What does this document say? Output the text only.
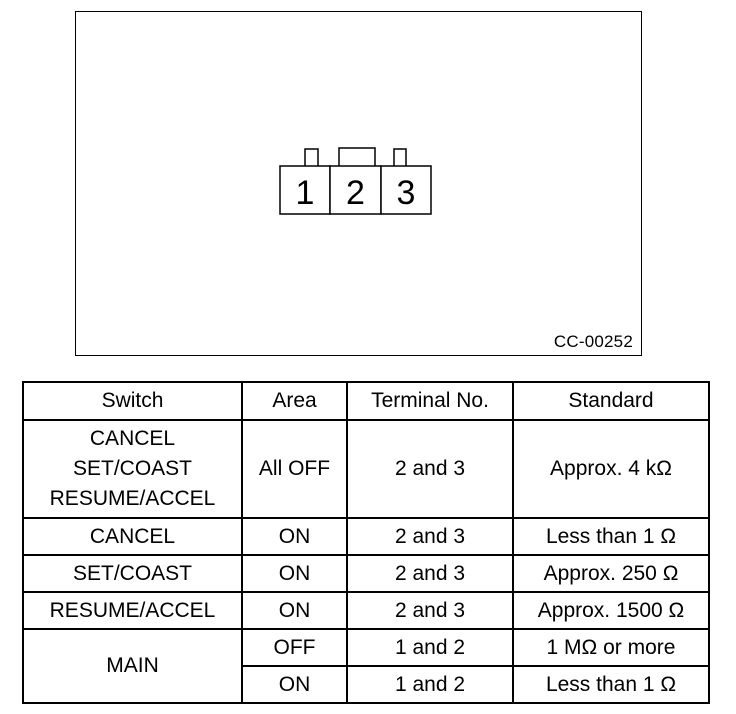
1 2 3
CC-00252
Switch	Area	Terminal No.	Standard

CANCEL
SET/COAST
RESUME/ACCEL	All OFF	2 and 3	Approx. 4 kΩ
CANCEL	ON	2 and 3	Less than 1 Ω
SET/COAST	ON	2 and 3	Approx. 250 Ω
RESUME/ACCEL	ON	2 and 3	Approx. 1500 Ω
MAIN	OFF	1 and 2	1 MΩ or more
	ON	1 and 2	Less than 1 Ω
